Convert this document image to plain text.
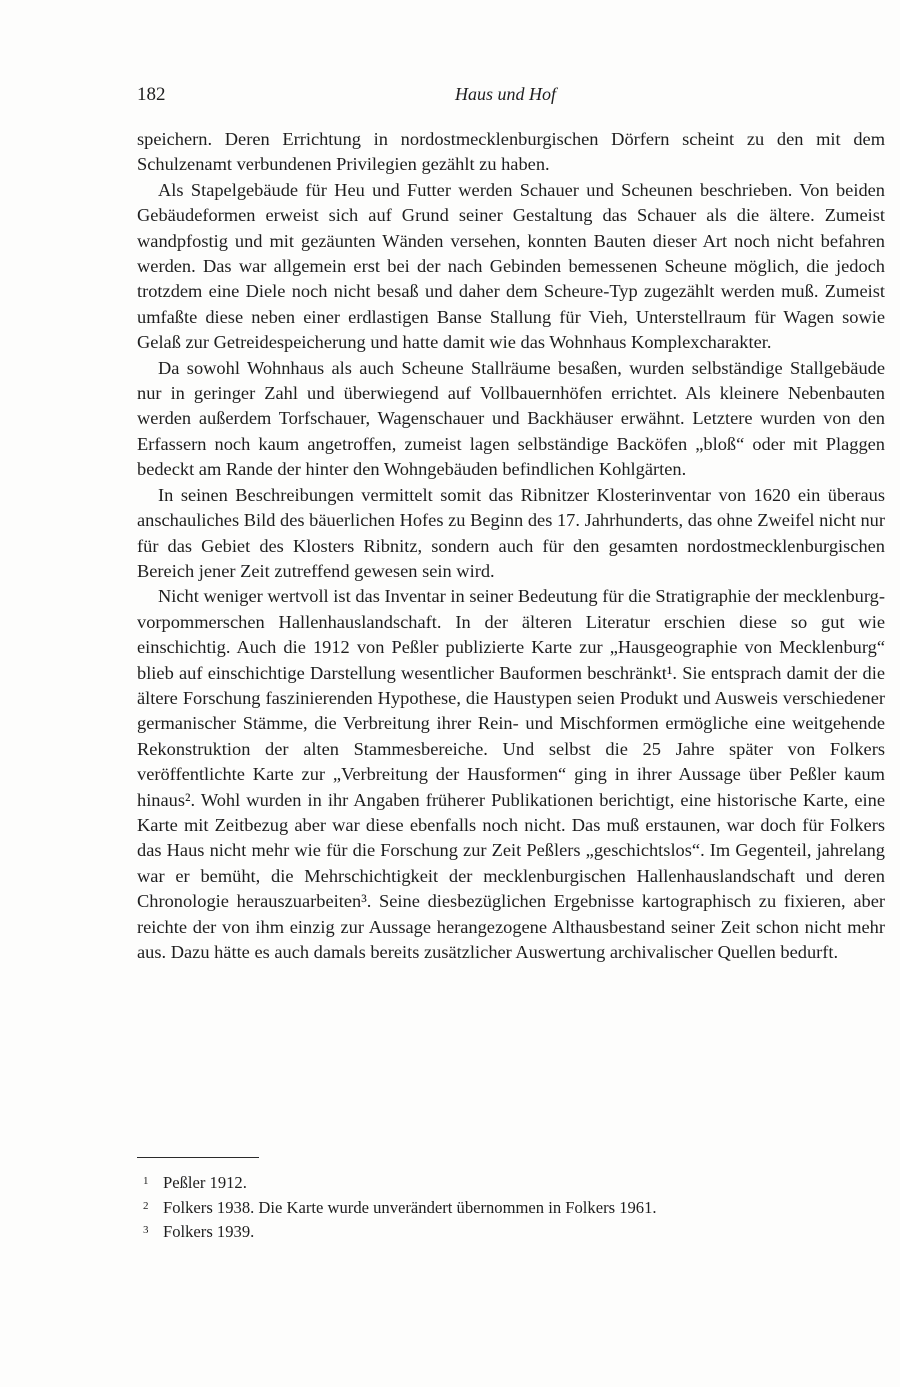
182	Haus und Hof

speichern. Deren Errichtung in nordostmecklenburgischen Dörfern scheint zu den mit dem Schulzenamt verbundenen Privilegien gezählt zu haben.

Als Stapelgebäude für Heu und Futter werden Schauer und Scheunen beschrieben. Von beiden Gebäudeformen erweist sich auf Grund seiner Gestaltung das Schauer als die ältere. Zumeist wandpfostig und mit gezäunten Wänden versehen, konnten Bauten dieser Art noch nicht befahren werden. Das war allgemein erst bei der nach Gebinden bemessenen Scheune möglich, die jedoch trotzdem eine Diele noch nicht besaß und daher dem Scheure-Typ zugezählt werden muß. Zumeist umfaßte diese neben einer erdlastigen Banse Stallung für Vieh, Unterstellraum für Wagen sowie Gelaß zur Getreidespeicherung und hatte damit wie das Wohnhaus Komplexcharakter.

Da sowohl Wohnhaus als auch Scheune Stallräume besaßen, wurden selbständige Stallgebäude nur in geringer Zahl und überwiegend auf Vollbauernhöfen errichtet. Als kleinere Nebenbauten werden außerdem Torfschauer, Wagenschauer und Backhäuser erwähnt. Letztere wurden von den Erfassern noch kaum angetroffen, zumeist lagen selbständige Backöfen „bloß“ oder mit Plaggen bedeckt am Rande der hinter den Wohngebäuden befindlichen Kohlgärten.

In seinen Beschreibungen vermittelt somit das Ribnitzer Klosterinventar von 1620 ein überaus anschauliches Bild des bäuerlichen Hofes zu Beginn des 17. Jahrhunderts, das ohne Zweifel nicht nur für das Gebiet des Klosters Ribnitz, sondern auch für den gesamten nordostmecklenburgischen Bereich jener Zeit zutreffend gewesen sein wird.

Nicht weniger wertvoll ist das Inventar in seiner Bedeutung für die Stratigraphie der mecklenburg-vorpommerschen Hallenhauslandschaft. In der älteren Literatur erschien diese so gut wie einschichtig. Auch die 1912 von Peßler publizierte Karte zur „Hausgeographie von Mecklenburg“ blieb auf einschichtige Darstellung wesentlicher Bauformen beschränkt¹. Sie entsprach damit der die ältere Forschung faszinierenden Hypothese, die Haustypen seien Produkt und Ausweis verschiedener germanischer Stämme, die Verbreitung ihrer Rein- und Mischformen ermögliche eine weitgehende Rekonstruktion der alten Stammesbereiche. Und selbst die 25 Jahre später von Folkers veröffentlichte Karte zur „Verbreitung der Hausformen“ ging in ihrer Aussage über Peßler kaum hinaus². Wohl wurden in ihr Angaben früherer Publikationen berichtigt, eine historische Karte, eine Karte mit Zeitbezug aber war diese ebenfalls noch nicht. Das muß erstaunen, war doch für Folkers das Haus nicht mehr wie für die Forschung zur Zeit Peßlers „geschichtslos“. Im Gegenteil, jahrelang war er bemüht, die Mehrschichtigkeit der mecklenburgischen Hallenhauslandschaft und deren Chronologie herauszuarbeiten³. Seine diesbezüglichen Ergebnisse kartographisch zu fixieren, aber reichte der von ihm einzig zur Aussage herangezogene Althausbestand seiner Zeit schon nicht mehr aus. Dazu hätte es auch damals bereits zusätzlicher Auswertung archivalischer Quellen bedurft.

1 Peßler 1912.

2 Folkers 1938. Die Karte wurde unverändert übernommen in Folkers 1961.

3 Folkers 1939.
